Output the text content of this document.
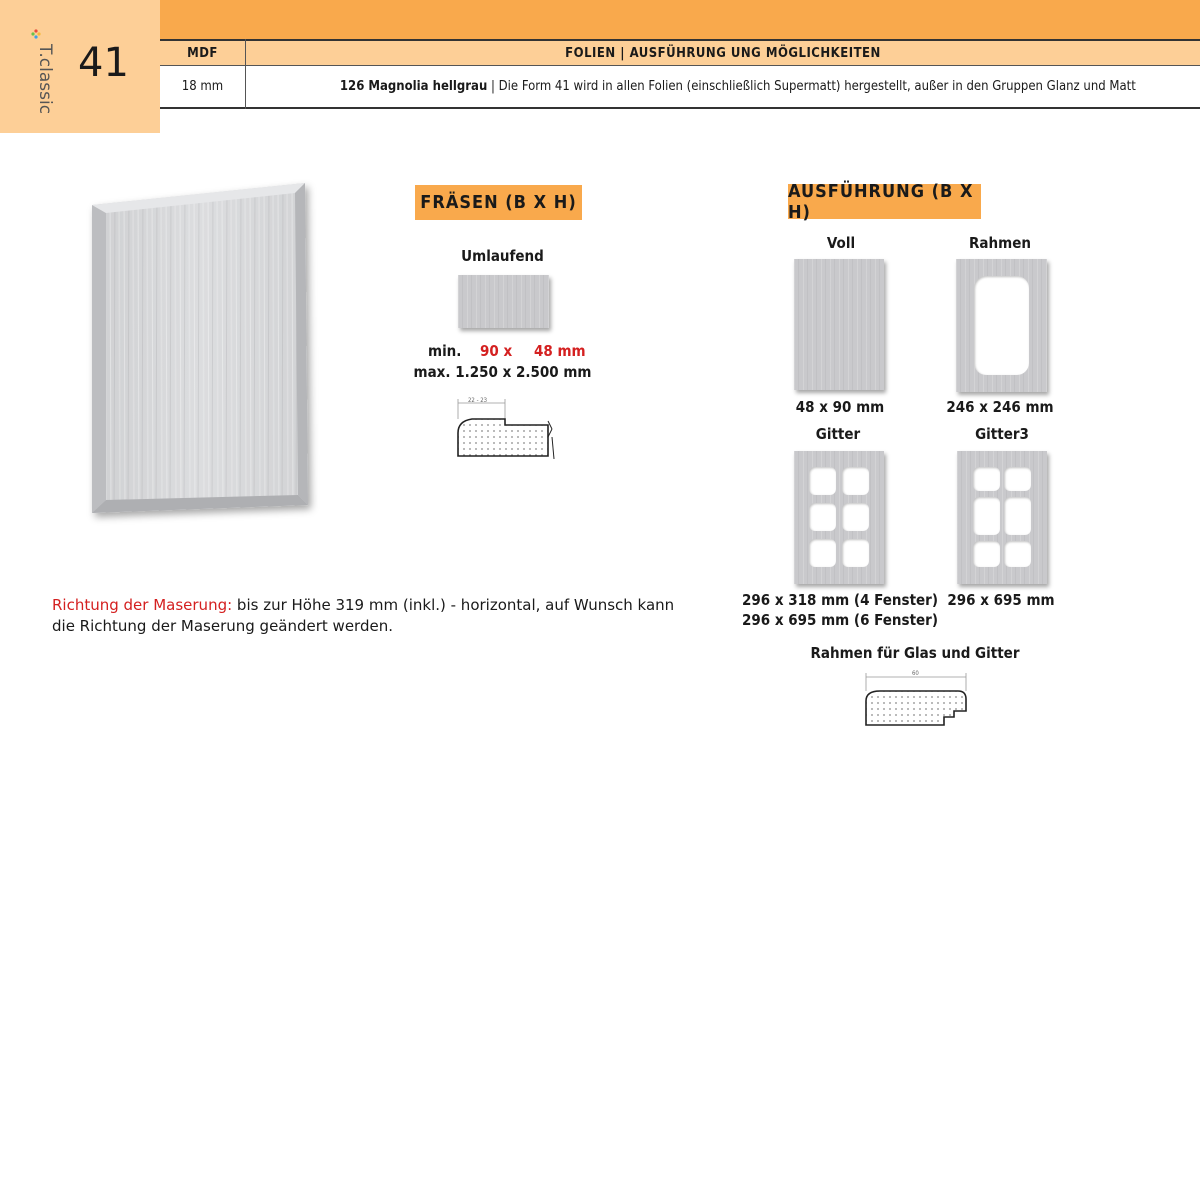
T.classic 41	MDF	FOLIEN | AUSFÜHRUNG UNG MÖGLICHKEITEN
18 mm	126 Magnolia hellgrau | Die Form 41 wird in allen Folien (einschließlich Supermatt) hergestellt, außer in den Gruppen Glanz und Matt

FRÄSEN (B X H)
Umlaufend
min. 90 x 48 mm
max. 1.250 x 2.500 mm
22 - 23
AUSFÜHRUNG (B X H)
Voll	Rahmen
48 x 90 mm	246 x 246 mm
Gitter	Gitter3
296 x 318 mm (4 Fenster)
296 x 695 mm (6 Fenster)
296 x 695 mm
Rahmen für Glas und Gitter
60
Richtung der Maserung: bis zur Höhe 319 mm (inkl.) - horizontal, auf Wunsch kann die Richtung der Maserung geändert werden.
